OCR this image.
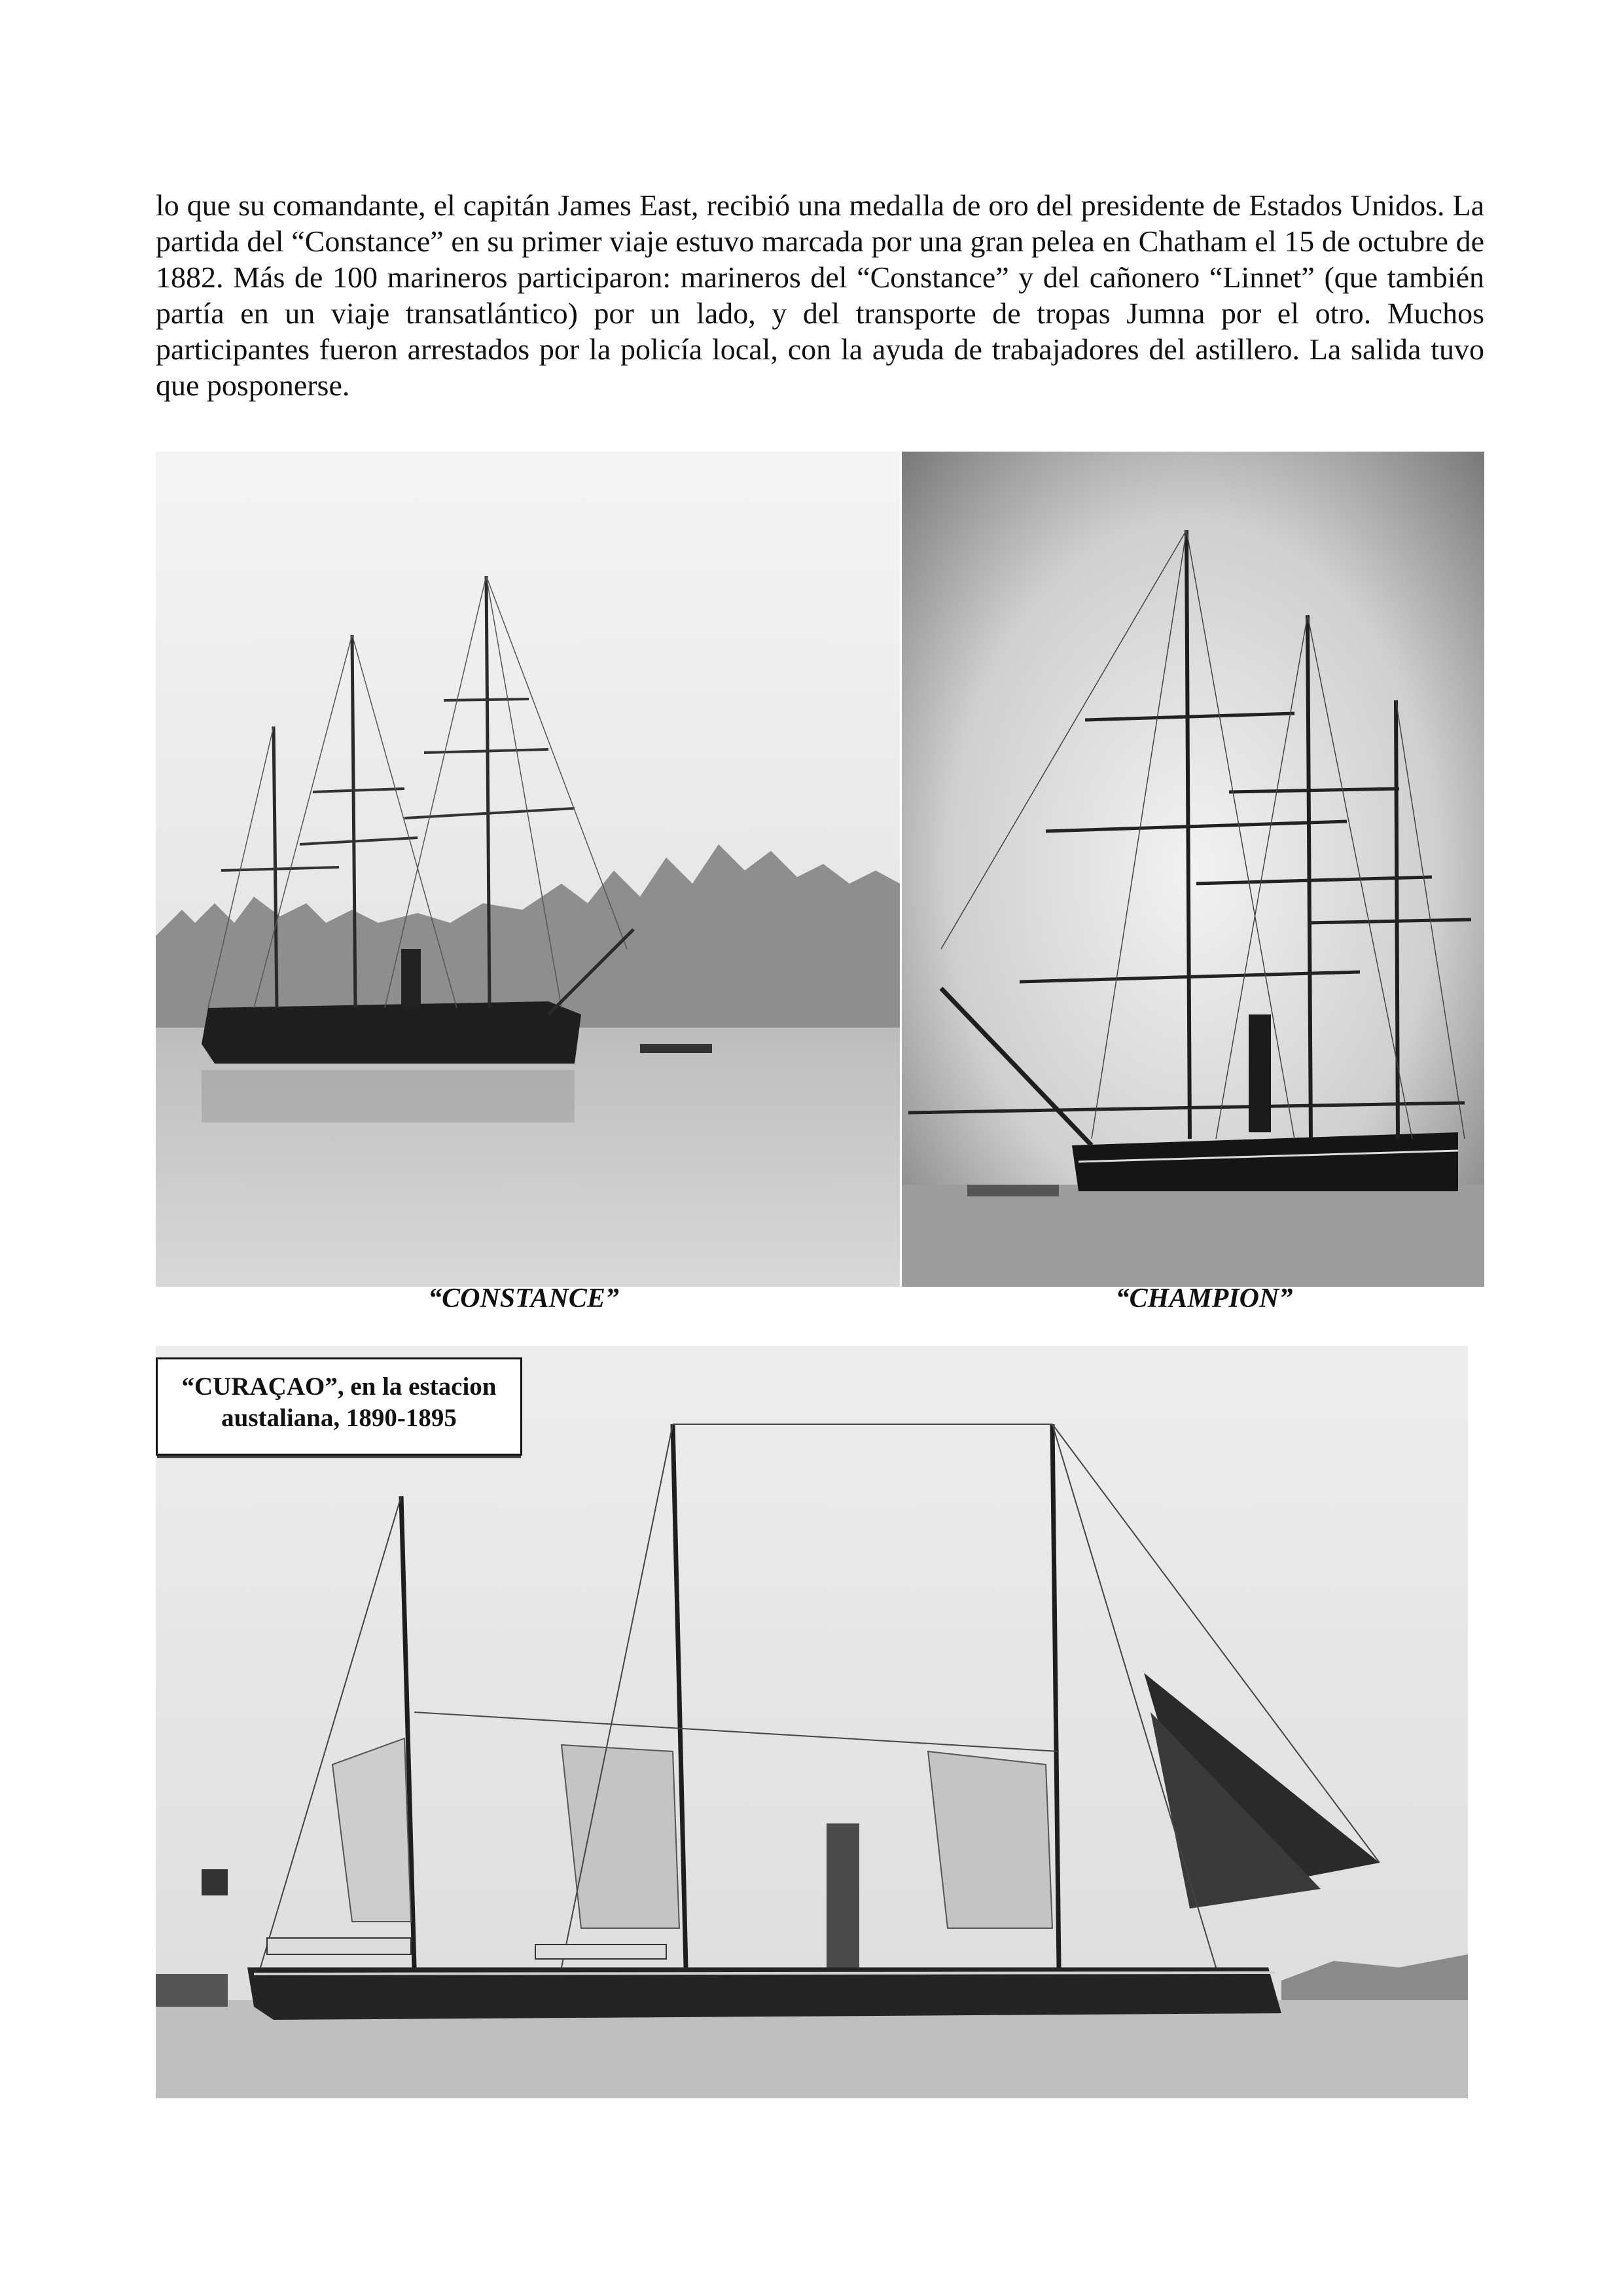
lo que su comandante, el capitán James East, recibió una medalla de oro del presidente de Estados Unidos. La partida del “Constance” en su primer viaje estuvo marcada por una gran pelea en Chatham el 15 de octubre de 1882. Más de 100 marineros participaron: marineros del “Constance” y del cañonero “Linnet” (que también partía en un viaje transatlántico) por un lado, y del transporte de tropas Jumna por el otro. Muchos participantes fueron arrestados por la policía local, con la ayuda de trabajadores del astillero. La salida tuvo que posponerse.

“CONSTANCE”	“CHAMPION”
“CURAÇAO”, en la estacion
austaliana, 1890-1895
